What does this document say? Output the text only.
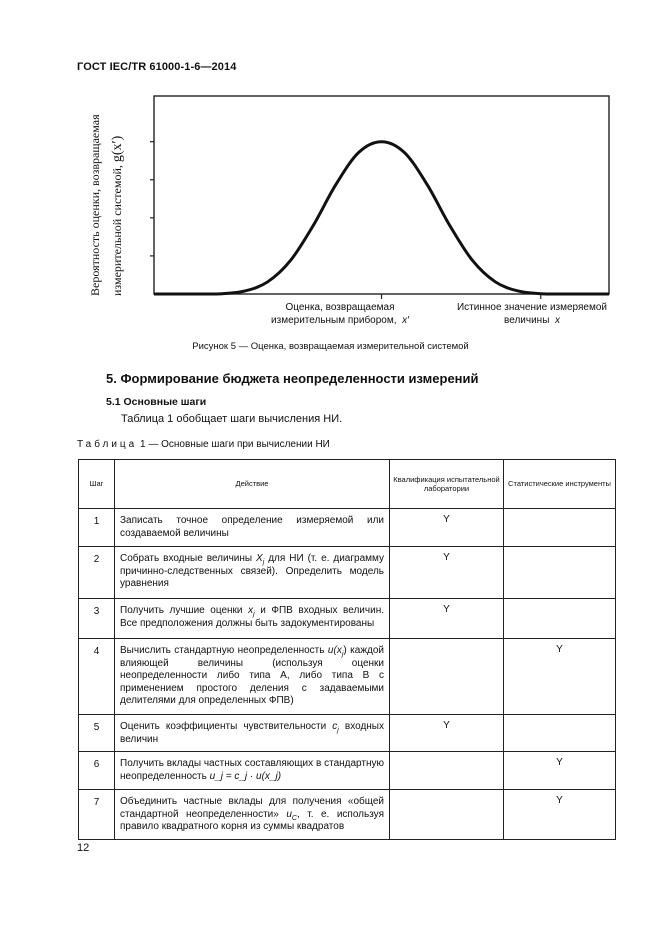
ГОСТ IEC/TR 61000-1-6—2014
Вероятность оценки, возвращаемая измерительной системой, g(x′)
Оценка, возвращаемая
измерительным прибором, x′
Истинное значение измеряемой
величины x
Рисунок 5 — Оценка, возвращаемая измерительной системой
5. Формирование бюджета неопределенности измерений
5.1 Основные шаги
Таблица 1 обобщает шаги вычисления НИ.
Таблица 1 — Основные шаги при вычислении НИ
Шаг	Действие	Квалификация испытательной лаборатории	Статистические инструменты
1	Записать точное определение измеряемой или создаваемой величины	Y	
2	Собрать входные величины $X_j$ для НИ (т. е. диаграмму причинно-следственных связей). Определить модель уравнения	Y	
3	Получить лучшие оценки $x_j$ и ФПВ входных величин. Все предположения должны быть задокументированы	Y	
4	Вычислить стандартную неопределенность $u(x_j)$ каждой влияющей величины (используя оценки неопределенности либо типа А, либо типа В с применением простого деления с задаваемыми делителями для определенных ФПВ)		Y
5	Оценить коэффициенты чувствительности $c_j$ входных величин	Y	
6	Получить вклады частных составляющих в стандартную неопределенность u_j = c_j · u(x_j)		Y
7	Объединить частные вклады для получения «общей стандартной неопределенности» $u_C$, т. е. используя правило квадратного корня из суммы квадратов		Y
12
